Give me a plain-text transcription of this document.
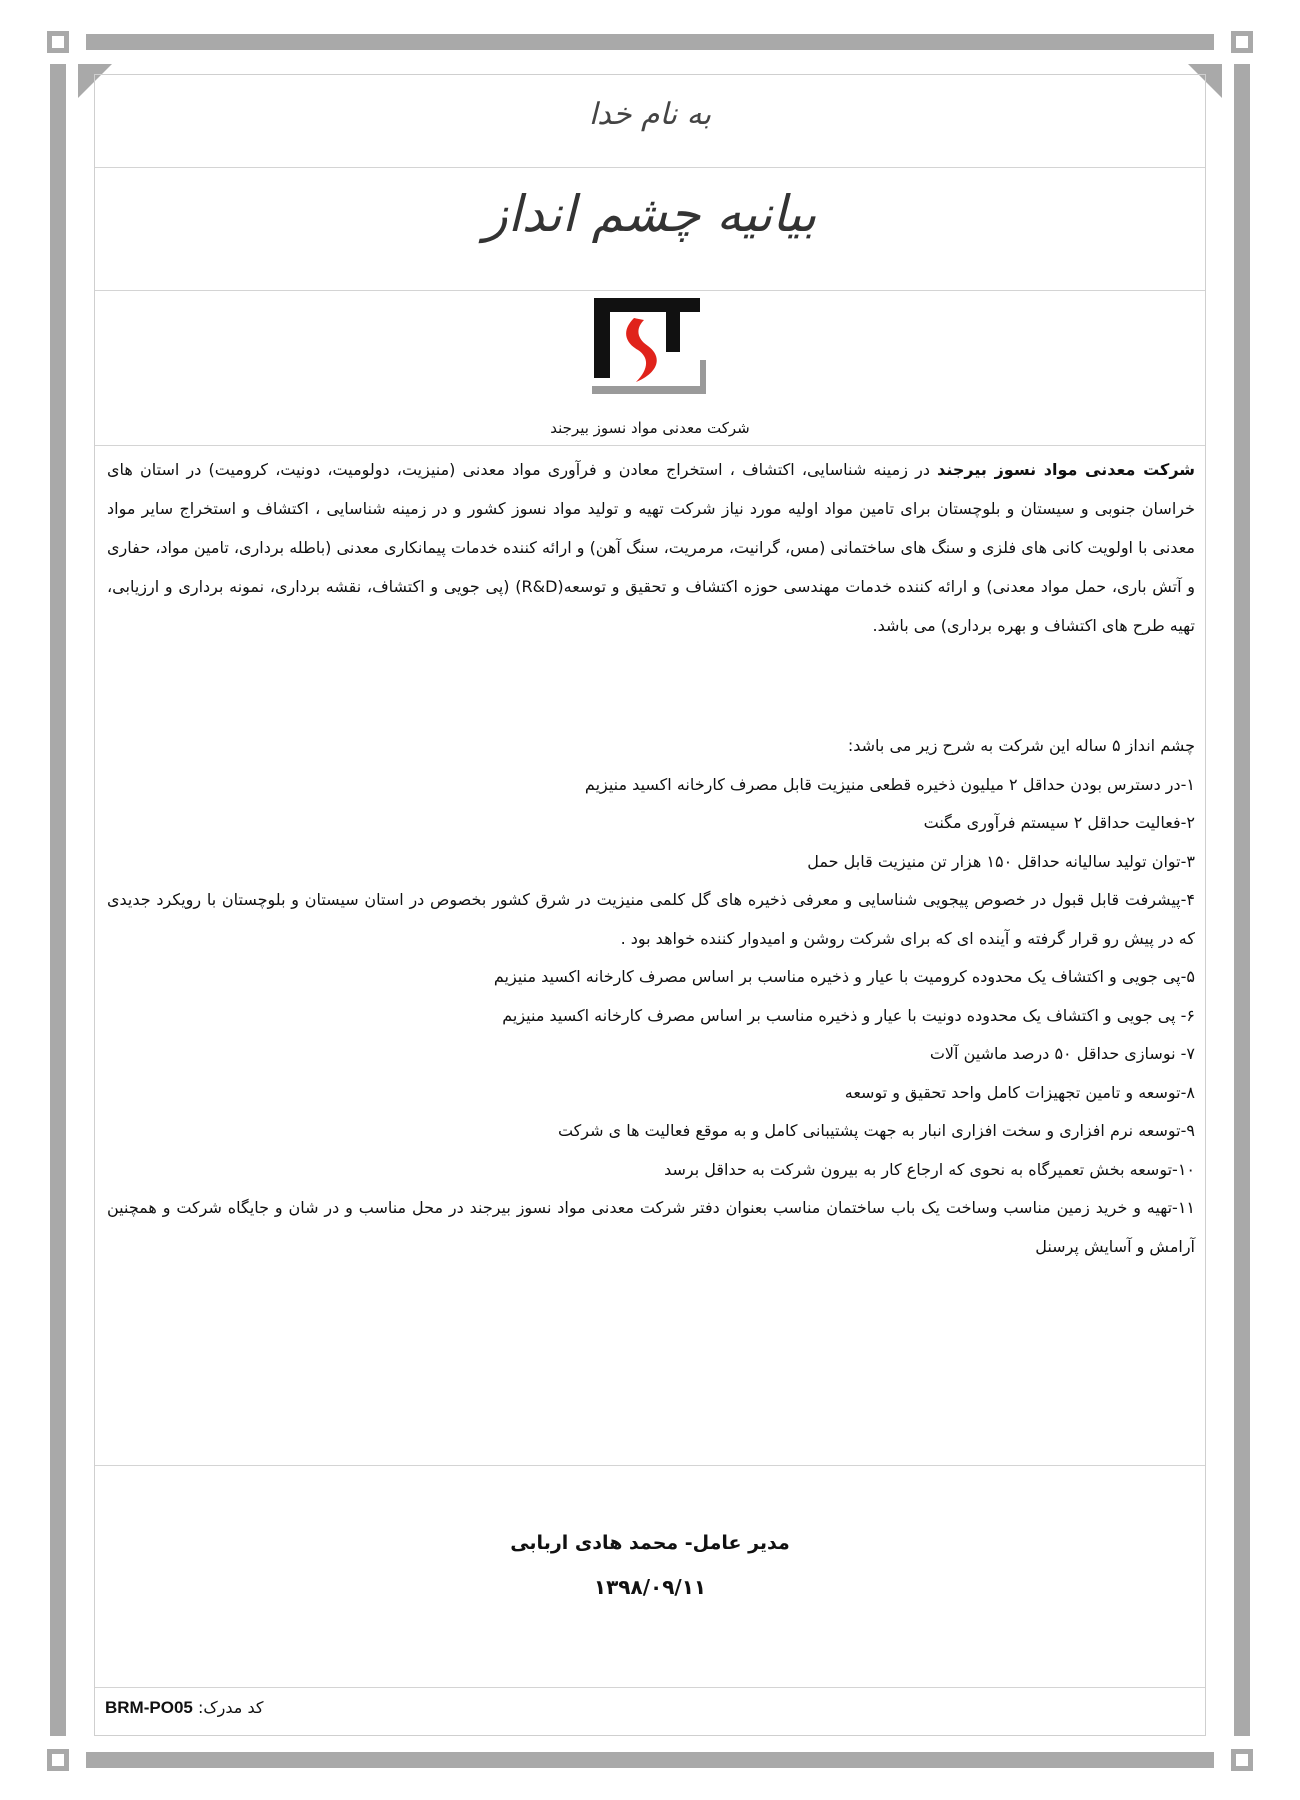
به نام خدا
بیانیه چشم انداز
شرکت معدنی مواد نسوز بیرجند
شرکت معدنی مواد نسوز بیرجند در زمینه شناسایی، اکتشاف ، استخراج معادن و فرآوری مواد معدنی (منیزیت، دولومیت، دونیت، کرومیت) در استان های خراسان جنوبی و سیستان و بلوچستان برای تامین مواد اولیه مورد نیاز شرکت تهیه و تولید مواد نسوز کشور و در زمینه شناسایی ، اکتشاف و استخراج سایر مواد معدنی با اولویت کانی های فلزی و سنگ های ساختمانی (مس، گرانیت، مرمریت، سنگ آهن) و ارائه کننده خدمات پیمانکاری معدنی (باطله برداری، تامین مواد، حفاری و آتش باری، حمل مواد معدنی) و ارائه کننده خدمات مهندسی حوزه اکتشاف و تحقیق و توسعه(R&D) (پی جویی و اکتشاف، نقشه برداری، نمونه برداری و ارزیابی، تهیه طرح های اکتشاف و بهره برداری) می باشد.
چشم انداز ۵ ساله این شرکت به شرح زیر می باشد:
۱-در دسترس بودن حداقل ۲ میلیون ذخیره قطعی منیزیت قابل مصرف کارخانه اکسید منیزیم
۲-فعالیت حداقل ۲ سیستم فرآوری مگنت
۳-توان تولید سالیانه حداقل ۱۵۰ هزار تن منیزیت قابل حمل
۴-پیشرفت قابل قبول در خصوص پیجویی شناسایی و معرفی ذخیره های گل کلمی منیزیت در شرق کشور بخصوص در استان سیستان و بلوچستان با رویکرد جدیدی که در پیش رو قرار گرفته و آینده ای که برای شرکت روشن و امیدوار کننده خواهد بود .
۵-پی جویی و اکتشاف یک محدوده کرومیت با عیار و ذخیره مناسب بر اساس مصرف کارخانه اکسید منیزیم
۶- پی جویی و اکتشاف یک محدوده دونیت با عیار و ذخیره مناسب بر اساس مصرف کارخانه اکسید منیزیم
۷- نوسازی حداقل ۵۰ درصد ماشین آلات
۸-توسعه و تامین تجهیزات کامل واحد تحقیق و توسعه
۹-توسعه نرم افزاری و سخت افزاری انبار به جهت پشتیبانی کامل و به موقع فعالیت ها ی شرکت
۱۰-توسعه بخش تعمیرگاه به نحوی که ارجاع کار به بیرون شرکت به حداقل برسد
۱۱-تهیه و خرید زمین مناسب وساخت یک باب ساختمان مناسب بعنوان دفتر شرکت معدنی مواد نسوز بیرجند در محل مناسب و در شان و جایگاه شرکت و همچنین آرامش و آسایش پرسنل
مدیر عامل- محمد هادی اربابی
۱۳۹۸/۰۹/۱۱
BRM-PO05 کد مدرک:
